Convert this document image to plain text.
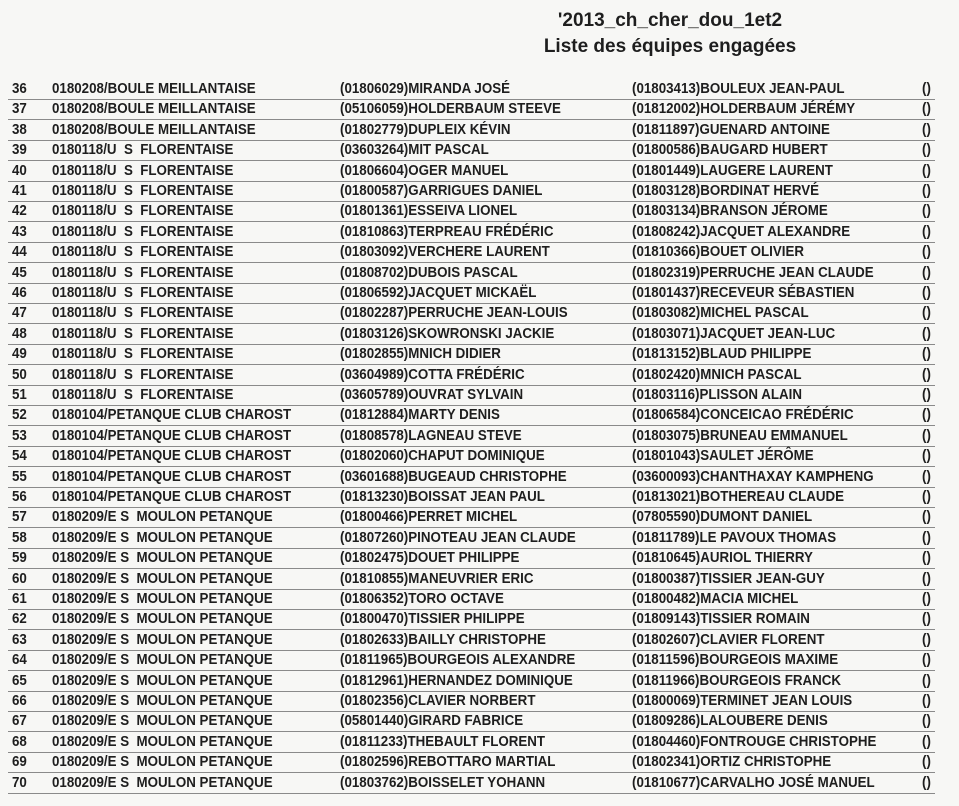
'2013_ch_cher_dou_1et2
Liste des équipes engagées
36 0180208/BOULE MEILLANTAISE	(01806029)MIRANDA JOSÉ	(01803413)BOULEUX JEAN-PAUL	()
37 0180208/BOULE MEILLANTAISE	(05106059)HOLDERBAUM STEEVE	(01812002)HOLDERBAUM JÉRÉMY	()
38 0180208/BOULE MEILLANTAISE	(01802779)DUPLEIX KÉVIN	(01811897)GUENARD ANTOINE	()
39 0180118/U  S  FLORENTAISE	(03603264)MIT PASCAL	(01800586)BAUGARD HUBERT	()
40 0180118/U  S  FLORENTAISE	(01806604)OGER MANUEL	(01801449)LAUGERE LAURENT	()
41 0180118/U  S  FLORENTAISE	(01800587)GARRIGUES DANIEL	(01803128)BORDINAT HERVÉ	()
42 0180118/U  S  FLORENTAISE	(01801361)ESSEIVA LIONEL	(01803134)BRANSON JÉROME	()
43 0180118/U  S  FLORENTAISE	(01810863)TERPREAU FRÉDÉRIC	(01808242)JACQUET ALEXANDRE	()
44 0180118/U  S  FLORENTAISE	(01803092)VERCHERE LAURENT	(01810366)BOUET OLIVIER	()
45 0180118/U  S  FLORENTAISE	(01808702)DUBOIS PASCAL	(01802319)PERRUCHE JEAN CLAUDE	()
46 0180118/U  S  FLORENTAISE	(01806592)JACQUET MICKAËL	(01801437)RECEVEUR SÉBASTIEN	()
47 0180118/U  S  FLORENTAISE	(01802287)PERRUCHE JEAN-LOUIS	(01803082)MICHEL PASCAL	()
48 0180118/U  S  FLORENTAISE	(01803126)SKOWRONSKI JACKIE	(01803071)JACQUET JEAN-LUC	()
49 0180118/U  S  FLORENTAISE	(01802855)MNICH DIDIER	(01813152)BLAUD PHILIPPE	()
50 0180118/U  S  FLORENTAISE	(03604989)COTTA FRÉDÉRIC	(01802420)MNICH PASCAL	()
51 0180118/U  S  FLORENTAISE	(03605789)OUVRAT SYLVAIN	(01803116)PLISSON ALAIN	()
52 0180104/PETANQUE CLUB CHAROST	(01812884)MARTY DENIS	(01806584)CONCEICAO FRÉDÉRIC	()
53 0180104/PETANQUE CLUB CHAROST	(01808578)LAGNEAU STEVE	(01803075)BRUNEAU EMMANUEL	()
54 0180104/PETANQUE CLUB CHAROST	(01802060)CHAPUT DOMINIQUE	(01801043)SAULET JÉRÔME	()
55 0180104/PETANQUE CLUB CHAROST	(03601688)BUGEAUD CHRISTOPHE	(03600093)CHANTHAXAY KAMPHENG	()
56 0180104/PETANQUE CLUB CHAROST	(01813230)BOISSAT JEAN PAUL	(01813021)BOTHEREAU CLAUDE	()
57 0180209/E S  MOULON PETANQUE	(01800466)PERRET MICHEL	(07805590)DUMONT DANIEL	()
58 0180209/E S  MOULON PETANQUE	(01807260)PINOTEAU JEAN CLAUDE	(01811789)LE PAVOUX THOMAS	()
59 0180209/E S  MOULON PETANQUE	(01802475)DOUET PHILIPPE	(01810645)AURIOL THIERRY	()
60 0180209/E S  MOULON PETANQUE	(01810855)MANEUVRIER ERIC	(01800387)TISSIER JEAN-GUY	()
61 0180209/E S  MOULON PETANQUE	(01806352)TORO OCTAVE	(01800482)MACIA MICHEL	()
62 0180209/E S  MOULON PETANQUE	(01800470)TISSIER PHILIPPE	(01809143)TISSIER ROMAIN	()
63 0180209/E S  MOULON PETANQUE	(01802633)BAILLY CHRISTOPHE	(01802607)CLAVIER FLORENT	()
64 0180209/E S  MOULON PETANQUE	(01811965)BOURGEOIS ALEXANDRE	(01811596)BOURGEOIS MAXIME	()
65 0180209/E S  MOULON PETANQUE	(01812961)HERNANDEZ DOMINIQUE	(01811966)BOURGEOIS FRANCK	()
66 0180209/E S  MOULON PETANQUE	(01802356)CLAVIER NORBERT	(01800069)TERMINET JEAN LOUIS	()
67 0180209/E S  MOULON PETANQUE	(05801440)GIRARD FABRICE	(01809286)LALOUBERE DENIS	()
68 0180209/E S  MOULON PETANQUE	(01811233)THEBAULT FLORENT	(01804460)FONTROUGE CHRISTOPHE	()
69 0180209/E S  MOULON PETANQUE	(01802596)REBOTTARO MARTIAL	(01802341)ORTIZ CHRISTOPHE	()
70 0180209/E S  MOULON PETANQUE	(01803762)BOISSELET YOHANN	(01810677)CARVALHO JOSÉ MANUEL	()
